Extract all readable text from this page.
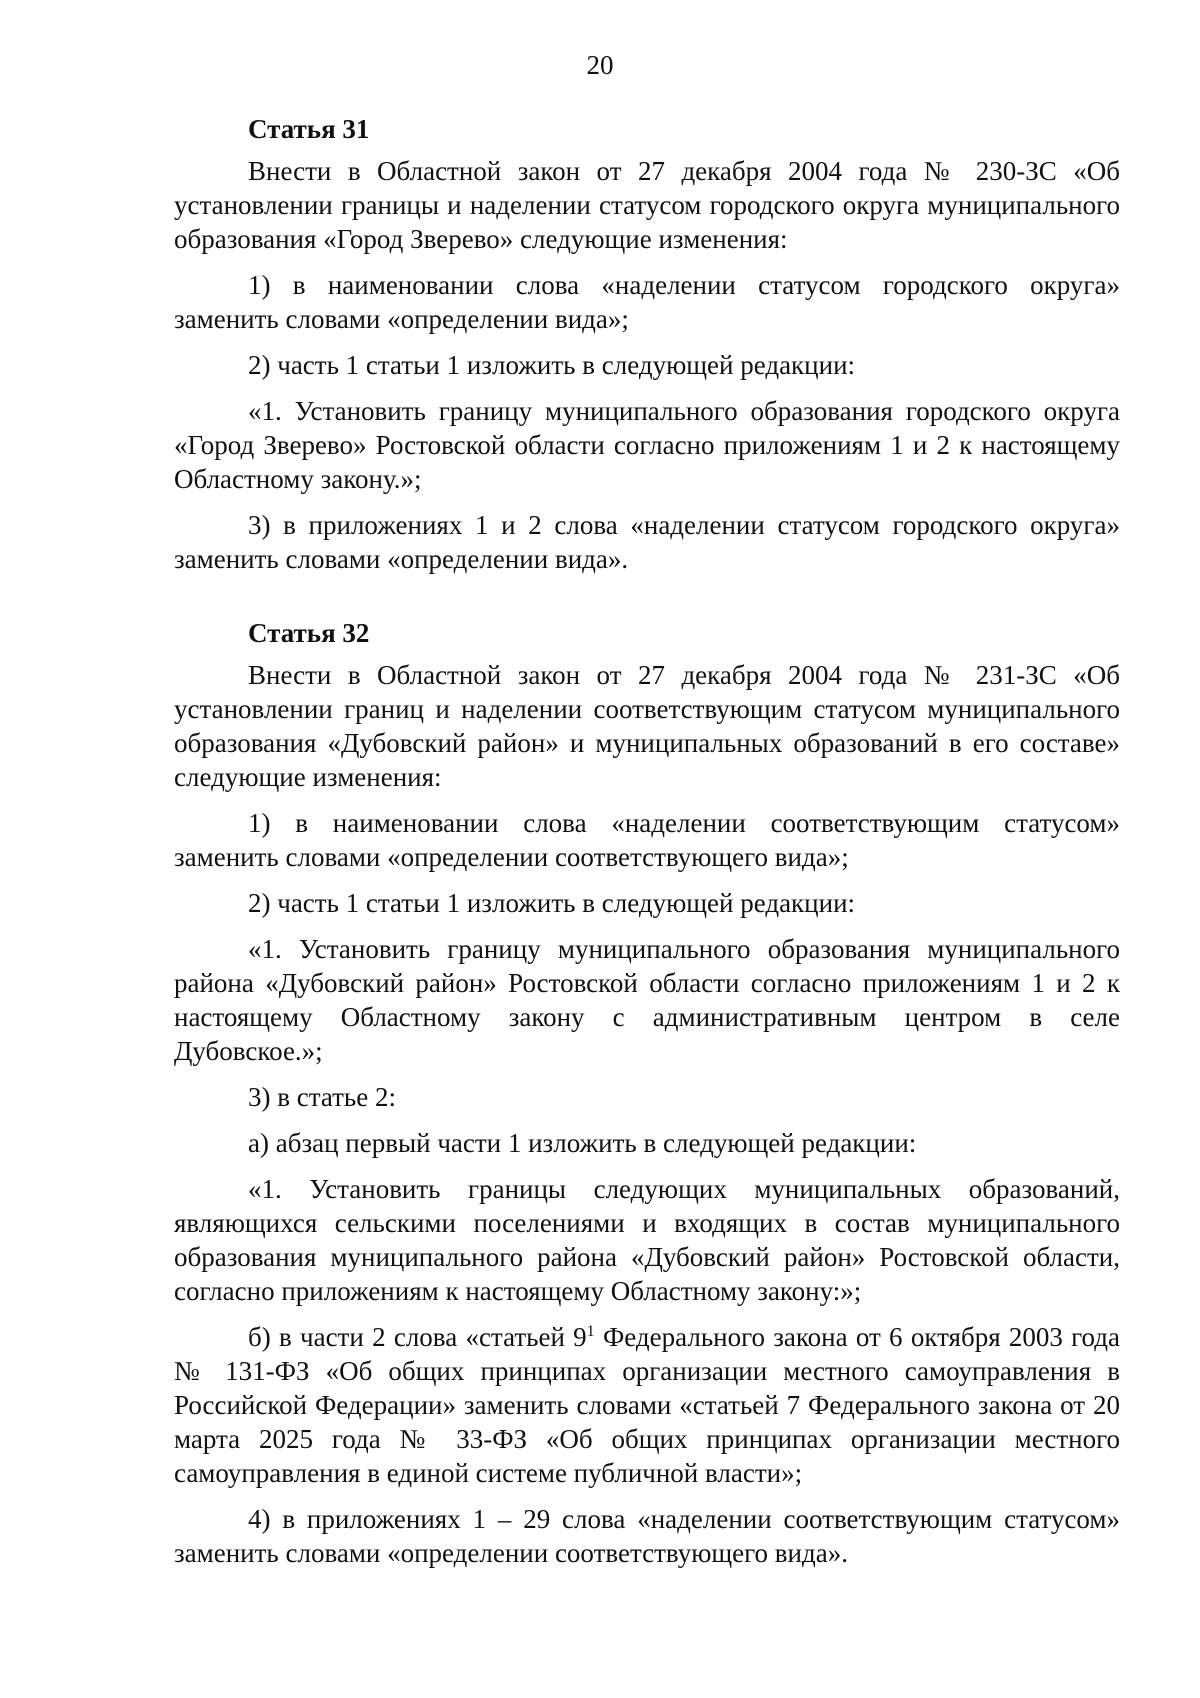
20
Статья 31

Внести в Областной закон от 27 декабря 2004 года № 230-ЗС «Об установлении границы и наделении статусом городского округа муниципального образования «Город Зверево» следующие изменения:

1) в наименовании слова «наделении статусом городского округа» заменить словами «определении вида»;

2) часть 1 статьи 1 изложить в следующей редакции:

«1. Установить границу муниципального образования городского округа «Город Зверево» Ростовской области согласно приложениям 1 и 2 к настоящему Областному закону.»;

3) в приложениях 1 и 2 слова «наделении статусом городского округа» заменить словами «определении вида».

Статья 32

Внести в Областной закон от 27 декабря 2004 года № 231-ЗС «Об установлении границ и наделении соответствующим статусом муниципального образования «Дубовский район» и муниципальных образований в его составе» следующие изменения:

1) в наименовании слова «наделении соответствующим статусом» заменить словами «определении соответствующего вида»;

2) часть 1 статьи 1 изложить в следующей редакции:

«1. Установить границу муниципального образования муниципального района «Дубовский район» Ростовской области согласно приложениям 1 и 2 к настоящему Областному закону с административным центром в селе Дубовское.»;

3) в статье 2:

а) абзац первый части 1 изложить в следующей редакции:

«1. Установить границы следующих муниципальных образований, являющихся сельскими поселениями и входящих в состав муниципального образования муниципального района «Дубовский район» Ростовской области, согласно приложениям к настоящему Областному закону:»;

б) в части 2 слова «статьей $9^1$ Федерального закона от 6 октября 2003 года № 131-ФЗ «Об общих принципах организации местного самоуправления в Российской Федерации» заменить словами «статьей 7 Федерального закона от 20 марта 2025 года № 33-ФЗ «Об общих принципах организации местного самоуправления в единой системе публичной власти»;

4) в приложениях 1 – 29 слова «наделении соответствующим статусом» заменить словами «определении соответствующего вида».
